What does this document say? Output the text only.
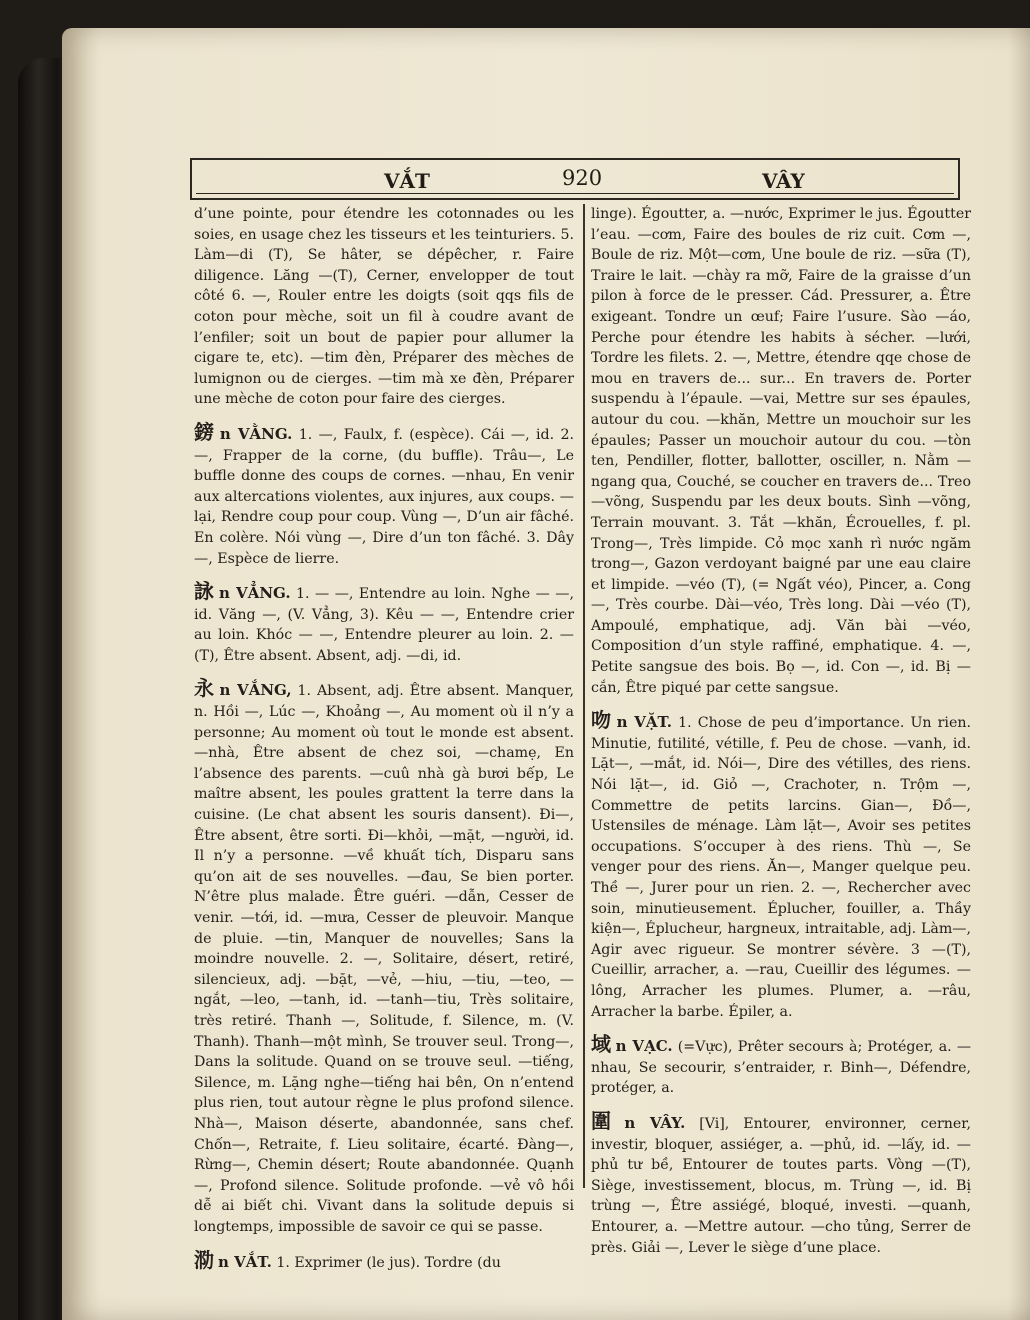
VẮT	920	VÂY

d’une pointe, pour étendre les cotonnades ou les soies, en usage chez les tisseurs et les teinturiers. 5. Làm—di (T), Se hâter, se dépêcher, r. Faire diligence. Lăng —(T), Cerner, envelopper de tout côté 6. —, Rouler entre les doigts (soit qqs fils de coton pour mèche, soit un fil à coudre avant de l’enfiler; soit un bout de papier pour allumer la cigare te, etc). —tim đèn, Préparer des mèches de lumignon ou de cierges. —tim mà xe đèn, Préparer une mèche de coton pour faire des cierges.

鎊 n VẰNG. 1. —, Faulx, f. (espèce). Cái —, id. 2. —, Frapper de la corne, (du buffle). Trâu—, Le buffle donne des coups de cornes. —nhau, En venir aux altercations violentes, aux injures, aux coups. —lại, Rendre coup pour coup. Vùng —, D’un air fâché. En colère. Nói vùng —, Dire d’un ton fâché. 3. Dây —, Espèce de lierre.

詠 n VẲNG. 1. — —, Entendre au loin. Nghe — —, id. Văng —, (V. Vẳng, 3). Kêu — —, Entendre crier au loin. Khóc — —, Entendre pleurer au loin. 2. —(T), Être absent. Absent, adj. —di, id.

永 n VẮNG, 1. Absent, adj. Être absent. Manquer, n. Hồi —, Lúc —, Khoảng —, Au moment où il n’y a personne; Au moment où tout le monde est absent. —nhà, Être absent de chez soi, —chamẹ, En l’absence des parents. —cuû nhà gà bươi bếp, Le maître absent, les poules grattent la terre dans la cuisine. (Le chat absent les souris dansent). Đi—, Être absent, être sorti. Đi—khỏi, —mặt, —người, id. Il n’y a personne. —về khuất tích, Disparu sans qu’on ait de ses nouvelles. —đau, Se bien porter. N’être plus malade. Être guéri. —dẫn, Cesser de venir. —tới, id. —mưa, Cesser de pleuvoir. Manque de pluie. —tin, Manquer de nouvelles; Sans la moindre nouvelle. 2. —, Solitaire, désert, retiré, silencieux, adj. —bặt, —vẻ, —hiu, —tiu, —teo, —ngắt, —leo, —tanh, id. —tanh—tiu, Très solitaire, très retiré. Thanh —, Solitude, f. Silence, m. (V. Thanh). Thanh—một mình, Se trouver seul. Trong—, Dans la solitude. Quand on se trouve seul. —tiếng, Silence, m. Lặng nghe—tiếng hai bên, On n’entend plus rien, tout autour règne le plus profond silence. Nhà—, Maison déserte, abandonnée, sans chef. Chốn—, Retraite, f. Lieu solitaire, écarté. Đàng—, Rừng—, Chemin désert; Route abandonnée. Quạnh—, Profond silence. Solitude profonde. —vẻ vô hồi dễ ai biết chi. Vivant dans la solitude depuis si longtemps, impossible de savoir ce qui se passe.

泐 n VẮT. 1. Exprimer (le jus). Tordre (du

linge). Égoutter, a. —nước, Exprimer le jus. Égoutter l’eau. —cơm, Faire des boules de riz cuit. Cơm —, Boule de riz. Một—cơm, Une boule de riz. —sữa (T), Traire le lait. —chày ra mỡ, Faire de la graisse d’un pilon à force de le presser. Cád. Pressurer, a. Être exigeant. Tondre un œuf; Faire l’usure. Sào —áo, Perche pour étendre les habits à sécher. —lưới, Tordre les filets. 2. —, Mettre, étendre qqe chose de mou en travers de... sur... En travers de. Porter suspendu à l’épaule. —vai, Mettre sur ses épaules, autour du cou. —khăn, Mettre un mouchoir sur les épaules; Passer un mouchoir autour du cou. —tòn ten, Pendiller, flotter, ballotter, osciller, n. Nằm —ngang qua, Couché, se coucher en travers de... Treo —võng, Suspendu par les deux bouts. Sình —võng, Terrain mouvant. 3. Tắt —khăn, Écrouelles, f. pl. Trong—, Très limpide. Cỏ mọc xanh rì nước ngăm trong—, Gazon verdoyant baigné par une eau claire et limpide. —véo (T), (= Ngất véo), Pincer, a. Cong—, Très courbe. Dài—véo, Très long. Dài —véo (T), Ampoulé, emphatique, adj. Văn bài —véo, Composition d’un style raffiné, emphatique. 4. —, Petite sangsue des bois. Bọ —, id. Con —, id. Bị —cắn, Être piqué par cette sangsue.

吻 n VẶT. 1. Chose de peu d’importance. Un rien. Minutie, futilité, vétille, f. Peu de chose. —vanh, id. Lặt—, —mắt, id. Nói—, Dire des vétilles, des riens. Nói lặt—, id. Giỏ —, Crachoter, n. Trộm —, Commettre de petits larcins. Gian—, Đồ—, Ustensiles de ménage. Làm lặt—, Avoir ses petites occupations. S’occuper à des riens. Thù —, Se venger pour des riens. Ăn—, Manger quelque peu. Thề —, Jurer pour un rien. 2. —, Rechercher avec soin, minutieusement. Éplucher, fouiller, a. Thầy kiện—, Éplucheur, hargneux, intraitable, adj. Làm—, Agir avec rigueur. Se montrer sévère. 3 —(T), Cueillir, arracher, a. —rau, Cueillir des légumes. —lông, Arracher les plumes. Plumer, a. —râu, Arracher la barbe. Épiler, a.

域 n VẠC. (=Vực), Prêter secours à; Protéger, a. —nhau, Se secourir, s’entraider, r. Binh—, Défendre, protéger, a.

圍 n VÂY. [Vi], Entourer, environner, cerner, investir, bloquer, assiéger, a. —phủ, id. —lấy, id. —phủ tư bề, Entourer de toutes parts. Vòng —(T), Siège, investissement, blocus, m. Trùng —, id. Bị trùng —, Être assiégé, bloqué, investi. —quanh, Entourer, a. —Mettre autour. —cho tủng, Serrer de près. Giải —, Lever le siège d’une place.
